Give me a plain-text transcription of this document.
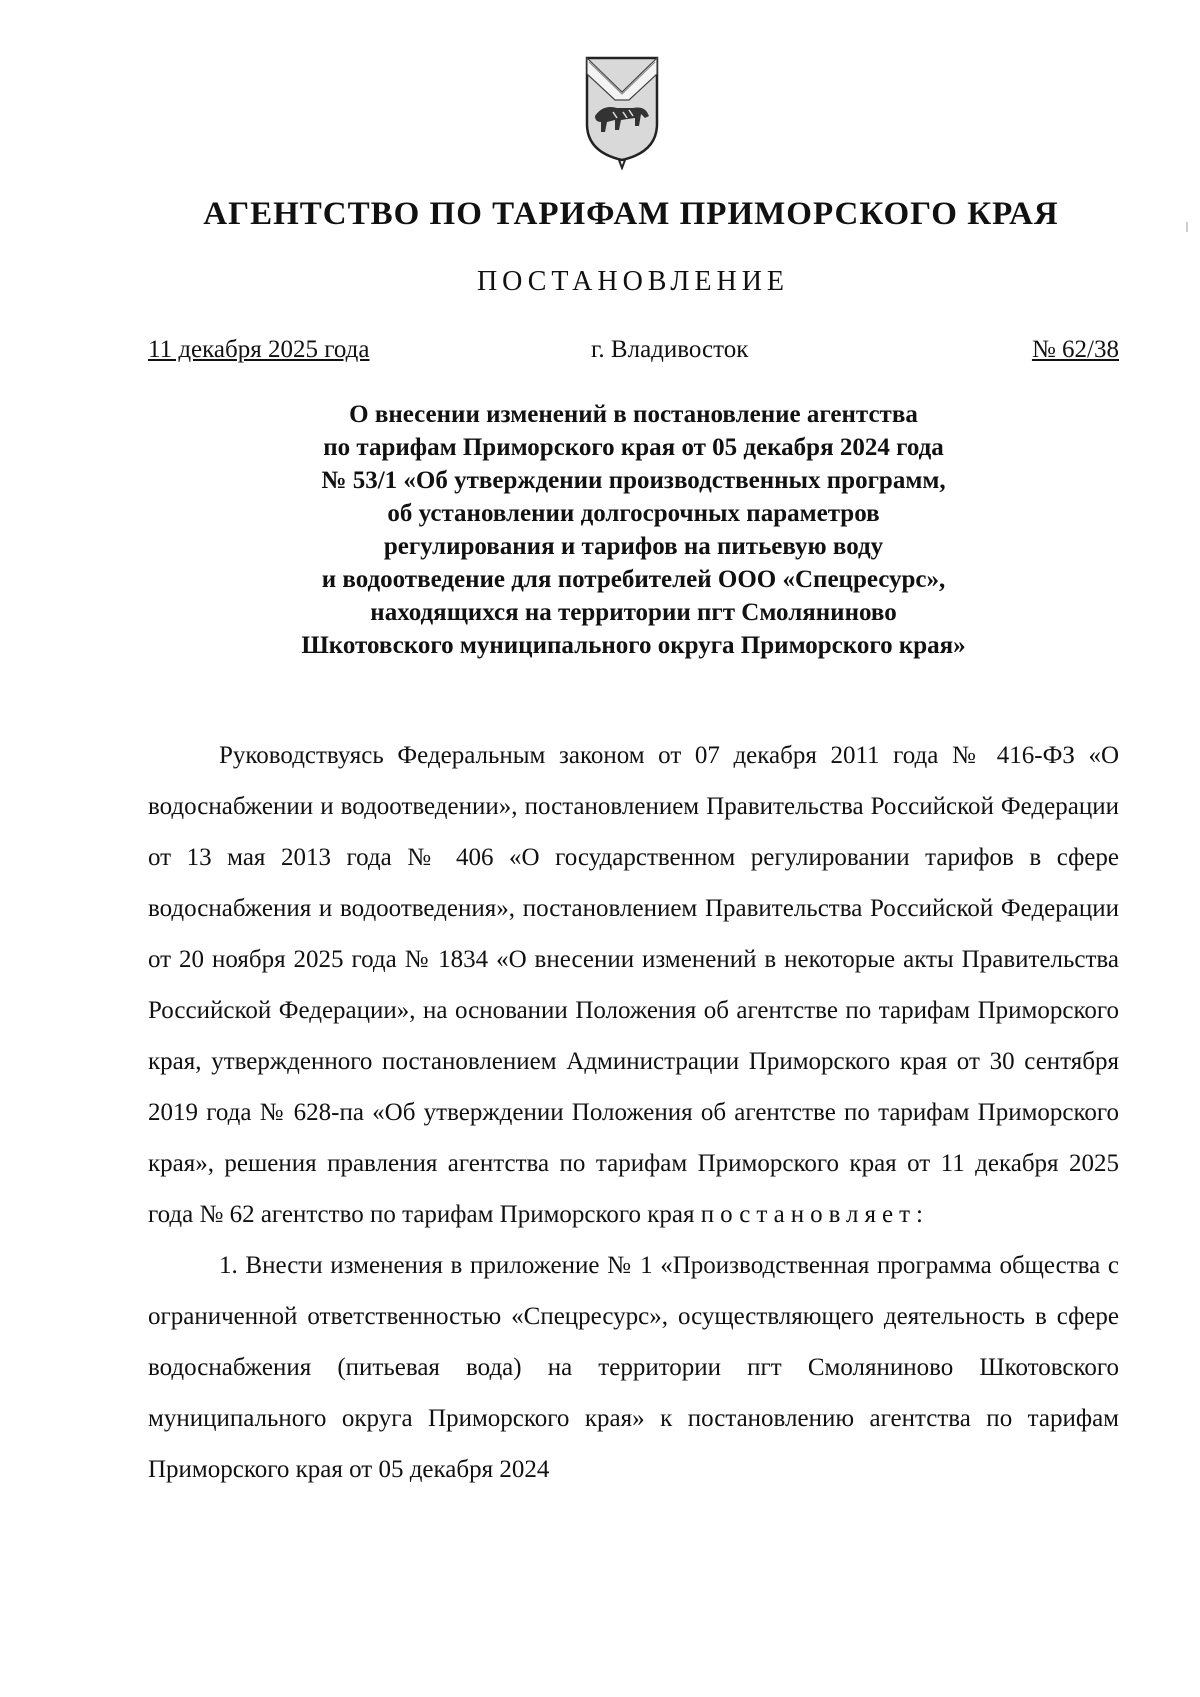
АГЕНТСТВО ПО ТАРИФАМ ПРИМОРСКОГО КРАЯ
ПОСТАНОВЛЕНИЕ
11 декабря 2025 года	г. Владивосток	№ 62/38
О внесении изменений в постановление агентства
по тарифам Приморского края от 05 декабря 2024 года
№ 53/1 «Об утверждении производственных программ,
об установлении долгосрочных параметров
регулирования и тарифов на питьевую воду
и водоотведение для потребителей ООО «Спецресурс»,
находящихся на территории пгт Смоляниново
Шкотовского муниципального округа Приморского края»

Руководствуясь Федеральным законом от 07 декабря 2011 года № 416-ФЗ «О водоснабжении и водоотведении», постановлением Правительства Российской Федерации от 13 мая 2013 года № 406 «О государственном регулировании тарифов в сфере водоснабжения и водоотведения», постановлением Правительства Российской Федерации от 20 ноября 2025 года № 1834 «О внесении изменений в некоторые акты Правительства Российской Федерации», на основании Положения об агентстве по тарифам Приморского края, утвержденного постановлением Администрации Приморского края от 30 сентября 2019 года № 628-па «Об утверждении Положения об агентстве по тарифам Приморского края», решения правления агентства по тарифам Приморского края от 11 декабря 2025 года № 62 агентство по тарифам Приморского края постановляет:

1. Внести изменения в приложение № 1 «Производственная программа общества с ограниченной ответственностью «Спецресурс», осуществляющего деятельность в сфере водоснабжения (питьевая вода) на территории пгт Смоляниново Шкотовского муниципального округа Приморского края» к постановлению агентства по тарифам Приморского края от 05 декабря 2024
